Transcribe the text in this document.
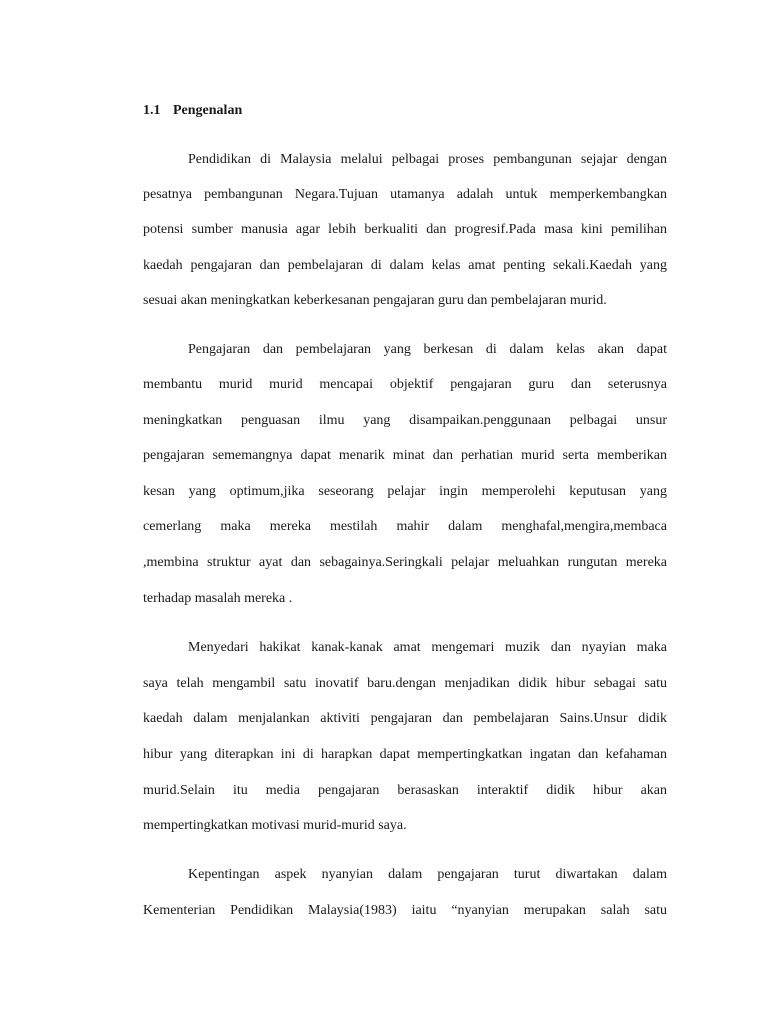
1.1 Pengenalan
Pendidikan di Malaysia melalui pelbagai proses pembangunan sejajar dengan
pesatnya pembangunan Negara.Tujuan utamanya adalah untuk memperkembangkan
potensi sumber manusia agar lebih berkualiti dan progresif.Pada masa kini pemilihan
kaedah pengajaran dan pembelajaran di dalam kelas amat penting sekali.Kaedah yang
sesuai akan meningkatkan keberkesanan pengajaran guru dan pembelajaran murid.
Pengajaran dan pembelajaran yang berkesan di dalam kelas akan dapat
membantu murid murid mencapai objektif pengajaran guru dan seterusnya
meningkatkan penguasan ilmu yang disampaikan.penggunaan pelbagai unsur
pengajaran sememangnya dapat menarik minat dan perhatian murid serta memberikan
kesan yang optimum,jika seseorang pelajar ingin memperolehi keputusan yang
cemerlang maka mereka mestilah mahir dalam menghafal,mengira,membaca
,membina struktur ayat dan sebagainya.Seringkali pelajar meluahkan rungutan mereka
terhadap masalah mereka .
Menyedari hakikat kanak-kanak amat mengemari muzik dan nyayian maka
saya telah mengambil satu inovatif baru.dengan menjadikan didik hibur sebagai satu
kaedah dalam menjalankan aktiviti pengajaran dan pembelajaran Sains.Unsur didik
hibur yang diterapkan ini di harapkan dapat mempertingkatkan ingatan dan kefahaman
murid.Selain itu media pengajaran berasaskan interaktif didik hibur akan
mempertingkatkan motivasi murid-murid saya.
Kepentingan aspek nyanyian dalam pengajaran turut diwartakan dalam
Kementerian Pendidikan Malaysia(1983) iaitu “nyanyian merupakan salah satu
